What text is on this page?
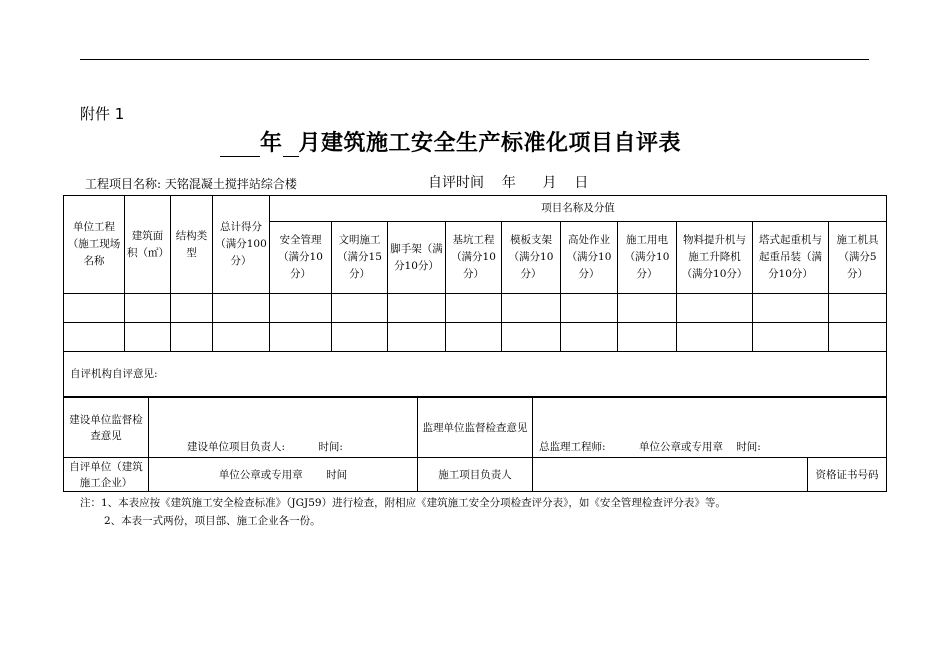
附件 1
年 月建筑施工安全生产标准化项目自评表
工程项目名称: 天铭混凝土搅拌站综合楼	自评时间 年 月 日
单位工程（施工现场名称	建筑面积（㎡）	结构类型	总计得分（满分100分）	项目名称及分值									
				安全管理（满分10分）	文明施工（满分15分）	脚手架（满分10分）	基坑工程（满分10分）	模板支架（满分10分）	高处作业（满分10分）	施工用电（满分10分）	物料提升机与施工升降机（满分10分）	塔式起重机与起重吊装（满分10分）	施工机具（满分5分）

自评机构自评意见:													
建设单位监督检查意见	建设单位项目负责人: 时间:	监理单位监督检查意见	总监理工程师: 单位公章或专用章 时间:	

自评单位（建筑施工企业）	单位公章或专用章 时间	施工项目负责人		资格证书号码
注：1、本表应按《建筑施工安全检查标准》（JGJ59）进行检查，附相应《建筑施工安全分项检查评分表》，如《安全管理检查评分表》等。
2、本表一式两份，项目部、施工企业各一份。
